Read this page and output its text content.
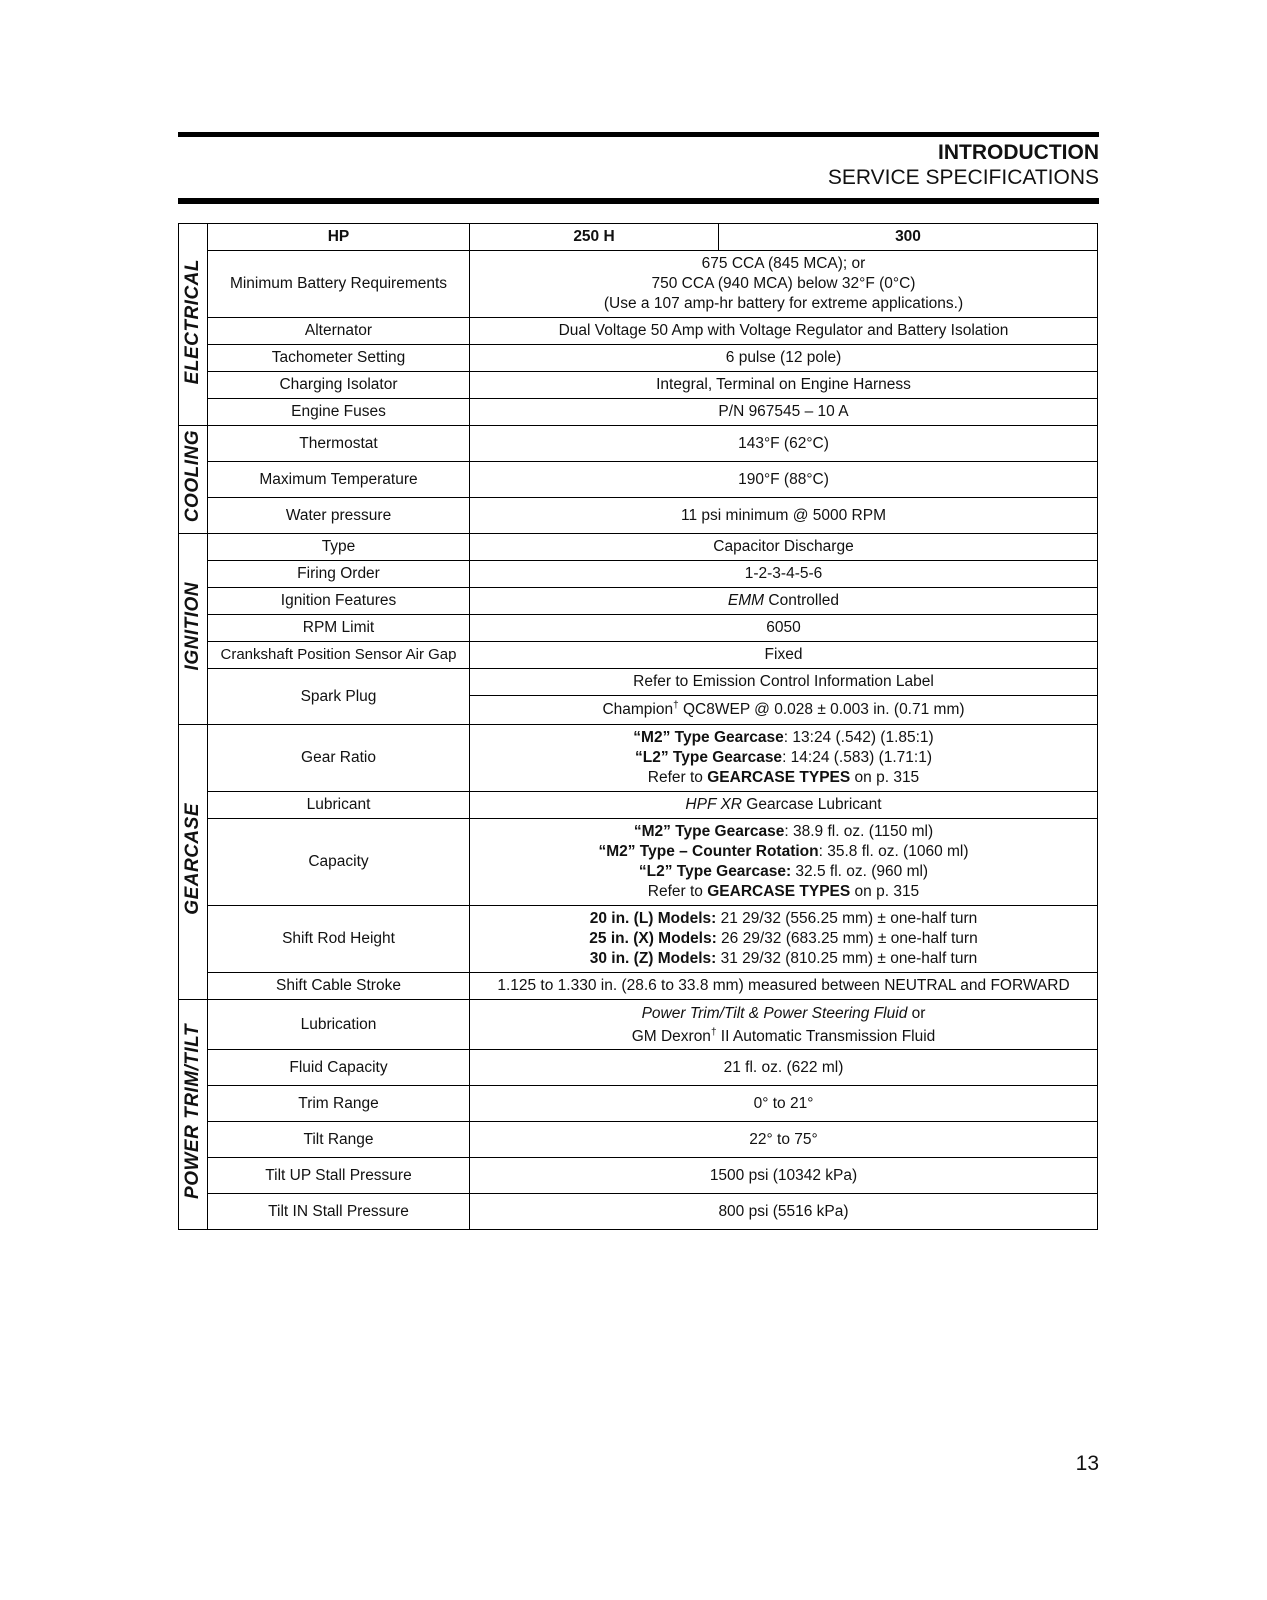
INTRODUCTION
SERVICE SPECIFICATIONS
ELECTRICAL	HP	250 H	300
	Minimum Battery Requirements	675 CCA (845 MCA); or
750 CCA (940 MCA) below 32°F (0°C)
(Use a 107 amp-hr battery for extreme applications.)	

	Alternator	Dual Voltage 50 Amp with Voltage Regulator and Battery Isolation	
	Tachometer Setting	6 pulse (12 pole)	
	Charging Isolator	Integral, Terminal on Engine Harness	
	Engine Fuses	P/N 967545 – 10 A	
COOLING	Thermostat	143°F (62°C)	
	Maximum Temperature	190°F (88°C)	
	Water pressure	11 psi minimum @ 5000 RPM	
IGNITION	Type	Capacitor Discharge	
	Firing Order	1-2-3-4-5-6	
	Ignition Features	EMM Controlled	
	RPM Limit	6050	
	Crankshaft Position Sensor Air Gap	Fixed	
	Spark Plug	Refer to Emission Control Information Label	
		Champion† QC8WEP @ 0.028 ± 0.003 in. (0.71 mm)	
GEARCASE	Gear Ratio	“M2” Type Gearcase: 13:24 (.542) (1.85:1)
“L2” Type Gearcase: 14:24 (.583) (1.71:1)
Refer to GEARCASE TYPES on p. 315	

	Lubricant	HPF XR Gearcase Lubricant	
	Capacity	“M2” Type Gearcase: 38.9 fl. oz. (1150 ml)
“M2” Type – Counter Rotation: 35.8 fl. oz. (1060 ml)
“L2” Type Gearcase: 32.5 fl. oz. (960 ml)
Refer to GEARCASE TYPES on p. 315	

	Shift Rod Height	20 in. (L) Models: 21 29/32 (556.25 mm) ± one-half turn
25 in. (X) Models: 26 29/32 (683.25 mm) ± one-half turn
30 in. (Z) Models: 31 29/32 (810.25 mm) ± one-half turn	

	Shift Cable Stroke	1.125 to 1.330 in. (28.6 to 33.8 mm) measured between NEUTRAL and FORWARD	
POWER TRIM/TILT	Lubrication	Power Trim/Tilt & Power Steering Fluid or
GM Dexron† II Automatic Transmission Fluid	

	Fluid Capacity	21 fl. oz. (622 ml)	
	Trim Range	0° to 21°	
	Tilt Range	22° to 75°	
	Tilt UP Stall Pressure	1500 psi (10342 kPa)	
	Tilt IN Stall Pressure	800 psi (5516 kPa)	
13
